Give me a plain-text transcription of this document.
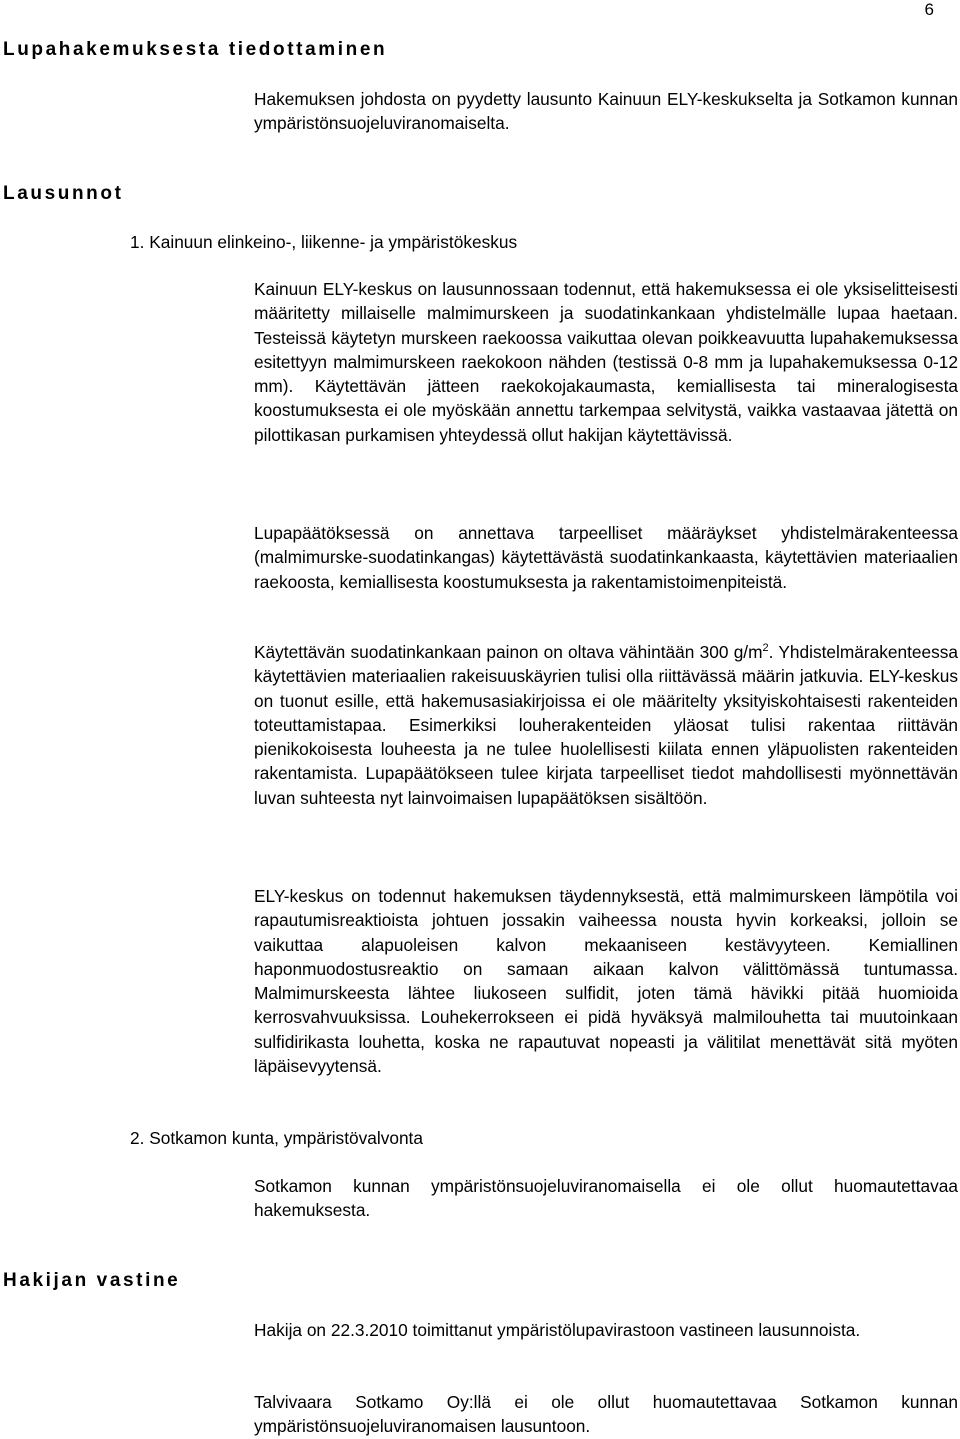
6
Lupahakemuksesta tiedottaminen

Hakemuksen johdosta on pyydetty lausunto Kainuun ELY-keskukselta ja Sotkamon kunnan ympäristönsuojeluviranomaiselta.

Lausunnot
1. Kainuun elinkeino-, liikenne- ja ympäristökeskus

Kainuun ELY-keskus on lausunnossaan todennut, että hakemuksessa ei ole yksiselitteisesti määritetty millaiselle malmimurskeen ja suodatinkankaan yhdistelmälle lupaa haetaan. Testeissä käytetyn murskeen raekoossa vaikuttaa olevan poikkeavuutta lupahakemuksessa esitettyyn malmimurskeen raekokoon nähden (testissä 0-8 mm ja lupahakemuksessa 0-12 mm). Käytettävän jätteen raekokojakaumasta, kemiallisesta tai mineralogisesta koostumuksesta ei ole myöskään annettu tarkempaa selvitystä, vaikka vastaavaa jätettä on pilottikasan purkamisen yhteydessä ollut hakijan käytettävissä.

Lupapäätöksessä on annettava tarpeelliset määräykset yhdistelmärakenteessa (malmimurske-suodatinkangas) käytettävästä suodatinkankaasta, käytettävien materiaalien raekoosta, kemiallisesta koostumuksesta ja rakentamistoimenpiteistä.

Käytettävän suodatinkankaan painon on oltava vähintään 300 $g/m^2$. Yhdistelmärakenteessa käytettävien materiaalien rakeisuuskäyrien tulisi olla riittävässä määrin jatkuvia. ELY-keskus on tuonut esille, että hakemusasiakirjoissa ei ole määritelty yksityiskohtaisesti rakenteiden toteuttamistapaa. Esimerkiksi louherakenteiden yläosat tulisi rakentaa riittävän pienikokoisesta louheesta ja ne tulee huolellisesti kiilata ennen yläpuolisten rakenteiden rakentamista. Lupapäätökseen tulee kirjata tarpeelliset tiedot mahdollisesti myönnettävän luvan suhteesta nyt lainvoimaisen lupapäätöksen sisältöön.

ELY-keskus on todennut hakemuksen täydennyksestä, että malmimurskeen lämpötila voi rapautumisreaktioista johtuen jossakin vaiheessa nousta hyvin korkeaksi, jolloin se vaikuttaa alapuoleisen kalvon mekaaniseen kestävyyteen. Kemiallinen haponmuodostusreaktio on samaan aikaan kalvon välittömässä tuntumassa. Malmimurskeesta lähtee liukoseen sulfidit, joten tämä hävikki pitää huomioida kerrosvahvuuksissa. Louhekerrokseen ei pidä hyväksyä malmilouhetta tai muutoinkaan sulfidirikasta louhetta, koska ne rapautuvat nopeasti ja välitilat menettävät sitä myöten läpäisevyytensä.

2. Sotkamon kunta, ympäristövalvonta

Sotkamon kunnan ympäristönsuojeluviranomaisella ei ole ollut huomautettavaa hakemuksesta.

Hakijan vastine

Hakija on 22.3.2010 toimittanut ympäristölupavirastoon vastineen lausunnoista.

Talvivaara Sotkamo Oy:llä ei ole ollut huomautettavaa Sotkamon kunnan ympäristönsuojeluviranomaisen lausuntoon.
